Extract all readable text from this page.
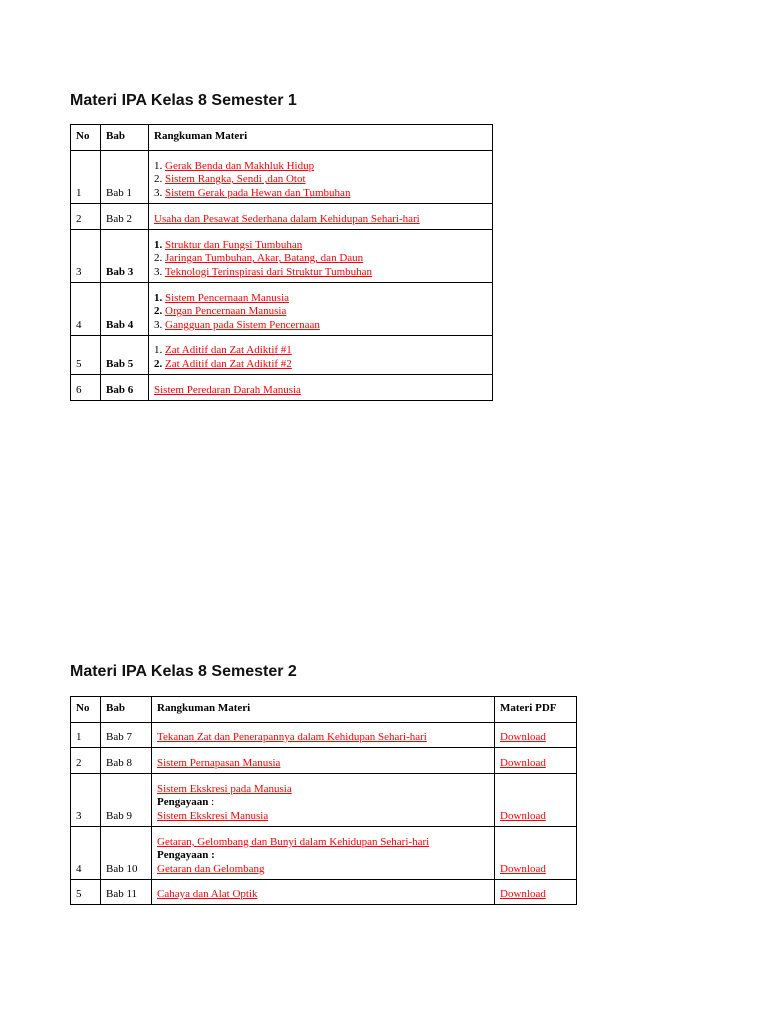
Materi IPA Kelas 8 Semester 1
No	Bab	Rangkuman Materi
1	Bab 1	1. Gerak Benda dan Makhluk Hidup
2. Sistem Rangka, Sendi ,dan Otot
3. Sistem Gerak pada Hewan dan Tumbuhan

2	Bab 2	Usaha dan Pesawat Sederhana dalam Kehidupan Sehari-hari

3	Bab 3	1. Struktur dan Fungsi Tumbuhan
2. Jaringan Tumbuhan, Akar, Batang, dan Daun
3. Teknologi Terinspirasi dari Struktur Tumbuhan

4	Bab 4	1. Sistem Pencernaan Manusia
2. Organ Pencernaan Manusia
3. Gangguan pada Sistem Pencernaan

5	Bab 5	1. Zat Aditif dan Zat Adiktif #1
2. Zat Aditif dan Zat Adiktif #2

6	Bab 6	Sistem Peredaran Darah Manusia
Materi IPA Kelas 8 Semester 2
No	Bab	Rangkuman Materi	Materi PDF
1	Bab 7	Tekanan Zat dan Penerapannya dalam Kehidupan Sehari-hari	Download
2	Bab 8	Sistem Pernapasan Manusia	Download
3	Bab 9	Sistem Ekskresi pada Manusia
Pengayaan :
Sistem Ekskresi Manusia	Download
4	Bab 10	Getaran, Gelombang dan Bunyi dalam Kehidupan Sehari-hari
Pengayaan :
Getaran dan Gelombang	Download
5	Bab 11	Cahaya dan Alat Optik	Download
